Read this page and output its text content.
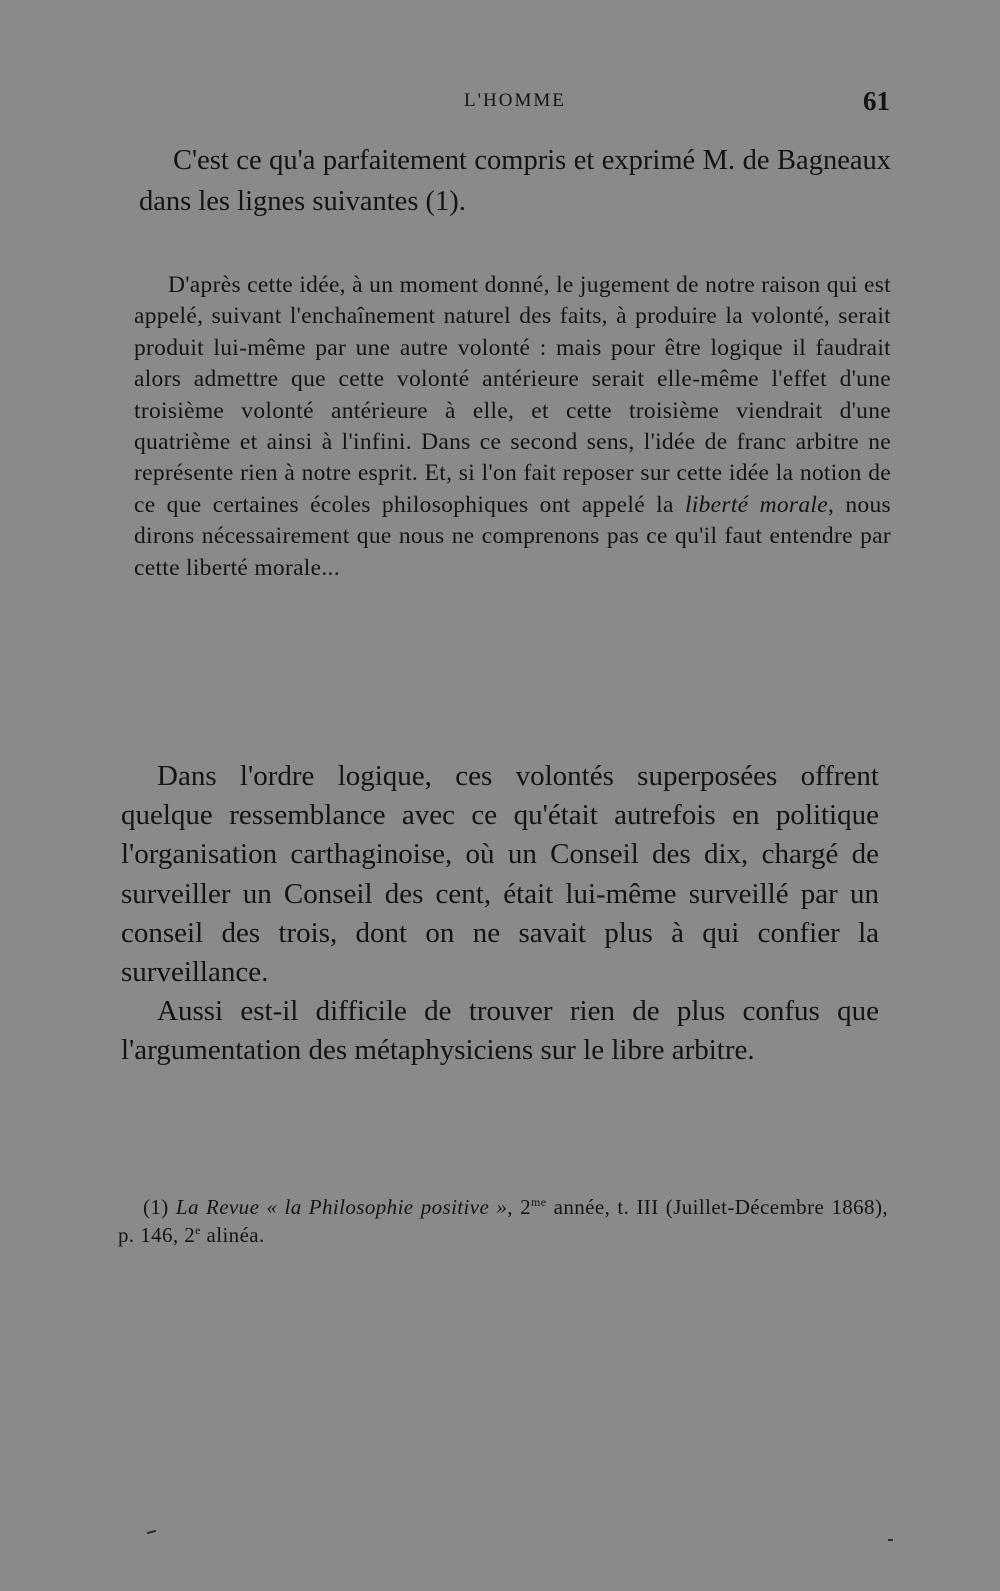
L'HOMME	61

C'est ce qu'a parfaitement compris et exprimé M. de Bagneaux dans les lignes suivantes (1).

D'après cette idée, à un moment donné, le jugement de notre raison qui est appelé, suivant l'enchaînement naturel des faits, à produire la volonté, serait produit lui-même par une autre volonté : mais pour être logique il faudrait alors admettre que cette volonté antérieure serait elle-même l'effet d'une troisième volonté antérieure à elle, et cette troisième viendrait d'une quatrième et ainsi à l'infini. Dans ce second sens, l'idée de franc arbitre ne représente rien à notre esprit. Et, si l'on fait reposer sur cette idée la notion de ce que certaines écoles philosophiques ont appelé la liberté morale, nous dirons nécessairement que nous ne comprenons pas ce qu'il faut entendre par cette liberté morale...

Dans l'ordre logique, ces volontés superposées offrent quelque ressemblance avec ce qu'était autrefois en politique l'organisation carthaginoise, où un Conseil des dix, chargé de surveiller un Conseil des cent, était lui-même surveillé par un conseil des trois, dont on ne savait plus à qui confier la surveillance.

Aussi est-il difficile de trouver rien de plus confus que l'argumentation des métaphysiciens sur le libre arbitre.

(1) La Revue « la Philosophie positive », $2^{me}$ année, t. III (Juillet-Décembre 1868), p. 146, 2e alinéa.
